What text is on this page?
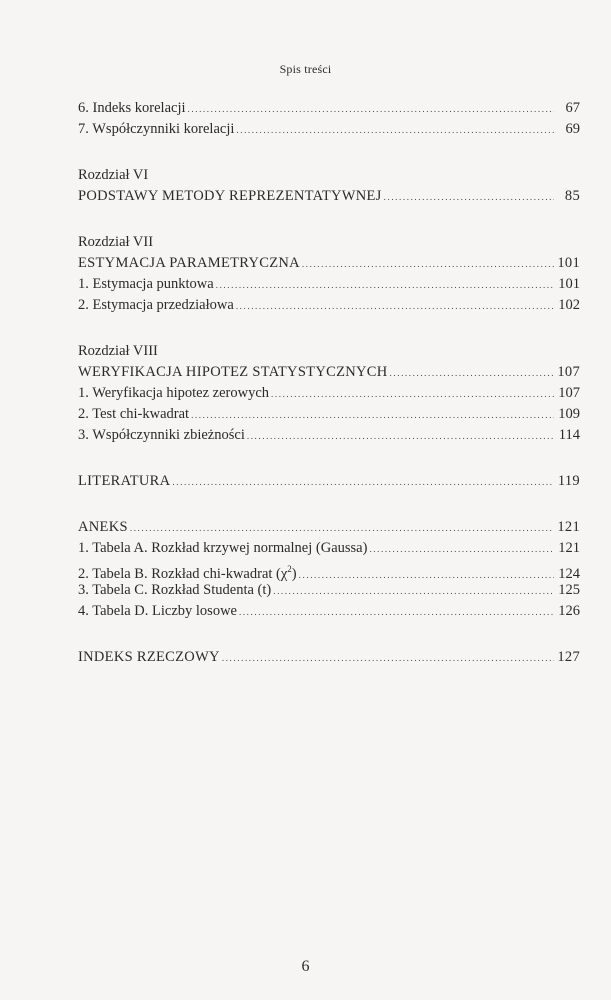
Spis treści
6. Indeks korelacji .....	67
7. Współczynniki korelacji .....	69
Rozdział VI
PODSTAWY METODY REPREZENTATYWNEJ .....	85
Rozdział VII
ESTYMACJA PARAMETRYCZNA .....	101
1. Estymacja punktowa .....	101
2. Estymacja przedziałowa .....	102
Rozdział VIII
WERYFIKACJA HIPOTEZ STATYSTYCZNYCH .....	107
1. Weryfikacja hipotez zerowych .....	107
2. Test chi-kwadrat .....	109
3. Współczynniki zbieżności .....	114
LITERATURA .....	119
ANEKS .....	121
1. Tabela A. Rozkład krzywej normalnej (Gaussa) .....	121
2. Tabela B. Rozkład chi-kwadrat $(\chi^2)$ .....	124
3. Tabela C. Rozkład Studenta (t) .....	125
4. Tabela D. Liczby losowe .....	126
INDEKS RZECZOWY .....	127
6
